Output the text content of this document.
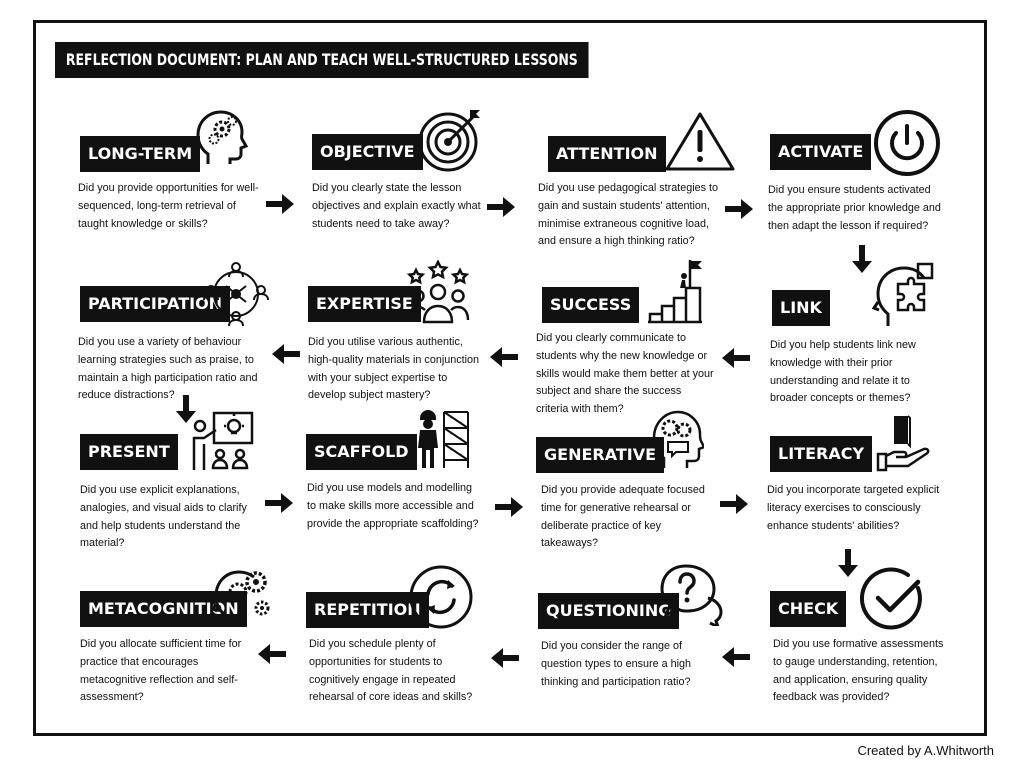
REFLECTION DOCUMENT: PLAN AND TEACH WELL-STRUCTURED LESSONS
LONG-TERM
Did you provide opportunities for well-sequenced, long-term retrieval of taught knowledge or skills?
OBJECTIVE
Did you clearly state the lesson objectives and explain exactly what students need to take away?
ATTENTION
Did you use pedagogical strategies to gain and sustain students' attention, minimise extraneous cognitive load, and ensure a high thinking ratio?
ACTIVATE
Did you ensure students activated the appropriate prior knowledge and then adapt the lesson if required?
PARTICIPATION
Did you use a variety of behaviour learning strategies such as praise, to maintain a high participation ratio and reduce distractions?
EXPERTISE
Did you utilise various authentic, high-quality materials in conjunction with your subject expertise to develop subject mastery?
SUCCESS
Did you clearly communicate to students why the new knowledge or skills would make them better at your subject and share the success criteria with them?
LINK
Did you help students link new knowledge with their prior understanding and relate it to broader concepts or themes?
PRESENT
Did you use explicit explanations, analogies, and visual aids to clarify and help students understand the material?
SCAFFOLD
Did you use models and modelling to make skills more accessible and provide the appropriate scaffolding?
GENERATIVE
Did you provide adequate focused time for generative rehearsal or deliberate practice of key takeaways?
LITERACY
Did you incorporate targeted explicit literacy exercises to consciously enhance students' abilities?
METACOGNITION
Did you allocate sufficient time for practice that encourages metacognitive reflection and self-assessment?
REPETITION
Did you schedule plenty of opportunities for students to cognitively engage in repeated rehearsal of core ideas and skills?
QUESTIONING
Did you consider the range of question types to ensure a high thinking and participation ratio?
CHECK
Did you use formative assessments to gauge understanding, retention, and application, ensuring quality feedback was provided?
Created by A.Whitworth
